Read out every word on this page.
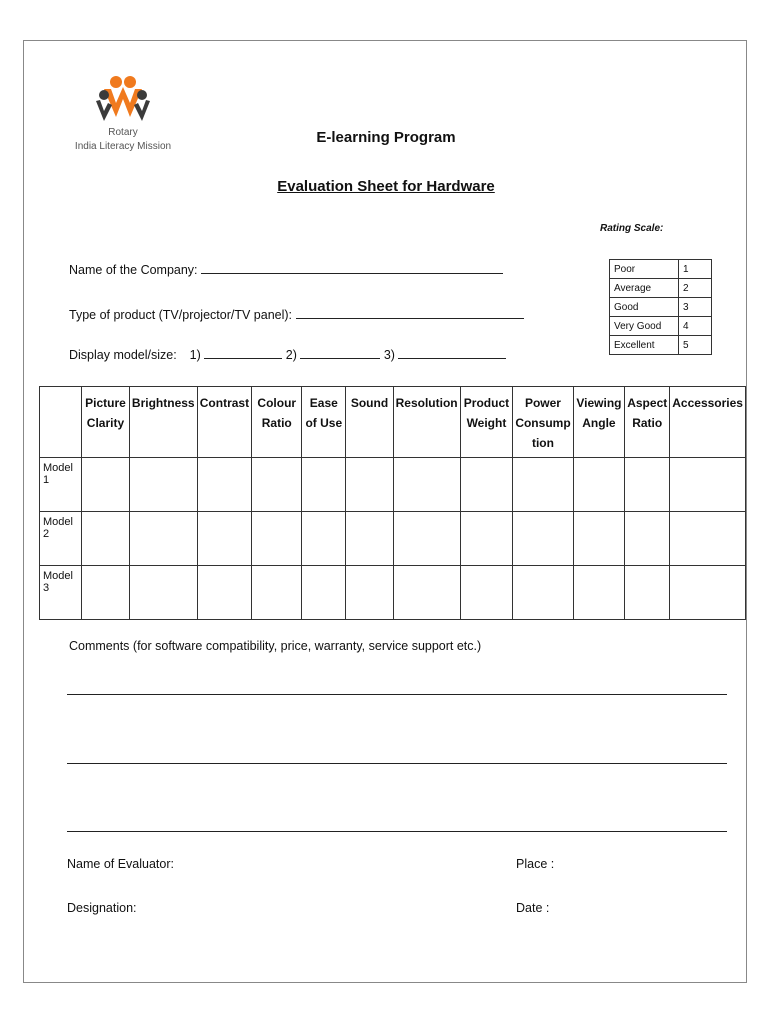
Rotary
India Literacy Mission
E-learning Program
Evaluation Sheet for Hardware
Rating Scale:
Poor	1
Average	2
Good	3
Very Good	4
Excellent	5
Name of the Company:
Type of product (TV/projector/TV panel):
Display model/size: 1)	2)	3)
	Picture Clarity	Brightness	Contrast	Colour Ratio	Ease of Use	Sound	Resolution	Product Weight	Power Consump tion	Viewing Angle	Aspect Ratio	Accessories
Model 1												
Model 2												
Model 3												
Comments (for software compatibility, price, warranty, service support etc.)
Name of Evaluator:	Place :
Designation:	Date :
